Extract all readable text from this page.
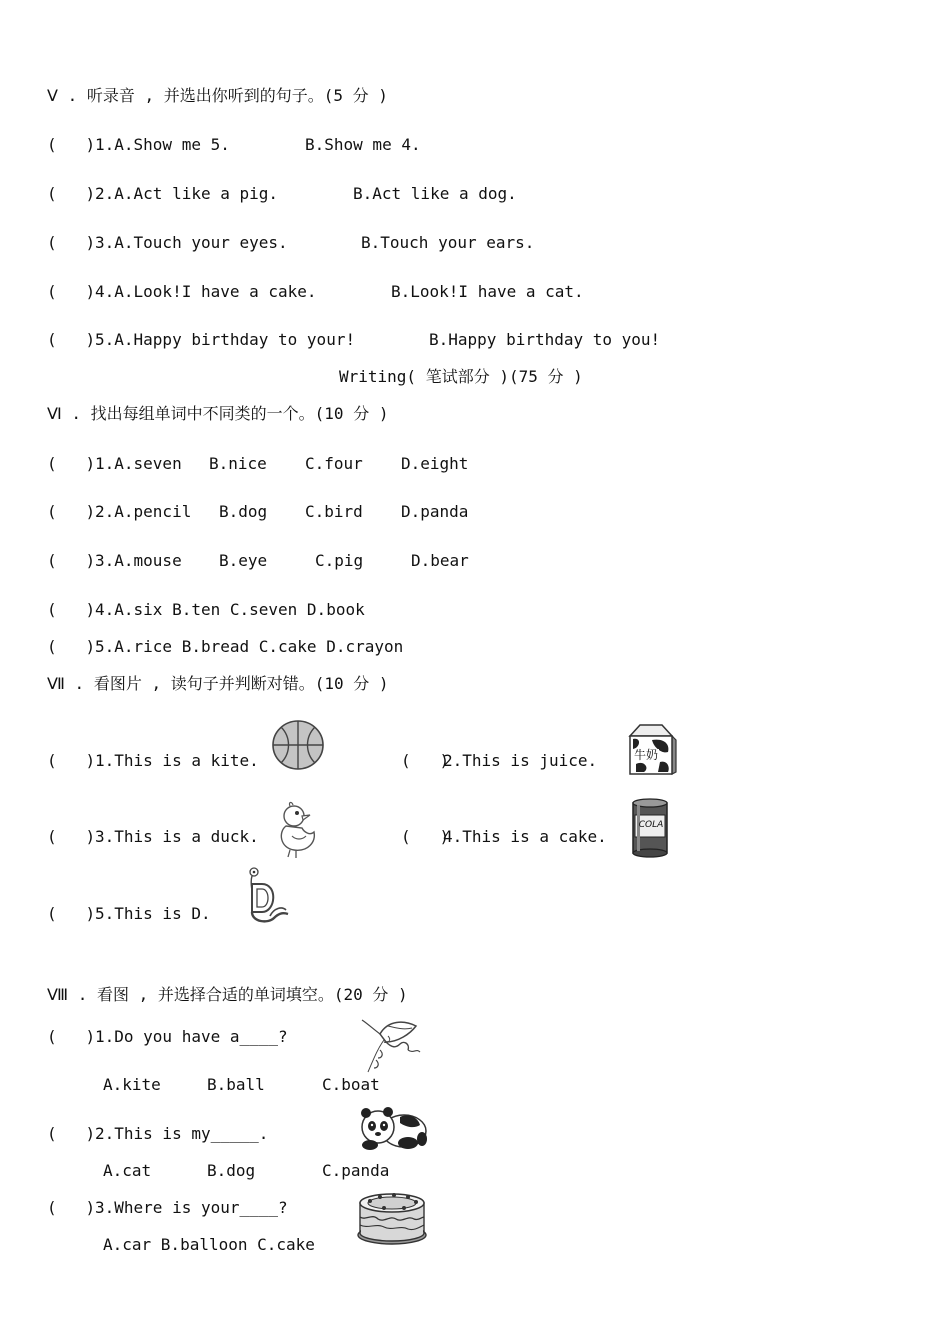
Ⅴ . 听录音 , 并选出你听到的句子。(5 分 )
(   ) 1.A.Show me 5.	B.Show me 4.
(   ) 2.A.Act like a pig.	B.Act like a dog.
(   ) 3.A.Touch your eyes.	B.Touch your ears.
(   ) 4.A.Look!I have a cake.	B.Look!I have a cat.
(   ) 5.A.Happy birthday to your!	B.Happy birthday to you!
Writing( 笔试部分 )(75 分 )
Ⅵ . 找出每组单词中不同类的一个。(10 分 )
(   ) 1.A.seven B.nice C.four D.eight
(   ) 2.A.pencil B.dog C.bird D.panda
(   ) 3.A.mouse B.eye	C.pig	D.bear
(   ) 4.A.six B.ten C.seven D.book
(   ) 5.A.rice B.bread C.cake D.crayon
Ⅶ . 看图片 , 读句子并判断对错。(10 分 )
(   ) 1.This is a kite.	(   )
2.This is juice.	牛奶
(   ) 3.This is a duck.	(   )
4.This is a cake.
COLA
(   ) 5.This is D.
Ⅷ . 看图 , 并选择合适的单词填空。(20 分 )
(   ) 1.Do you have a____?
A.kite	B.ball	C.boat
(   ) 2.This is my_____.
A.cat	B.dog	C.panda
(   ) 3.Where is your____?
A.car B.balloon C.cake
